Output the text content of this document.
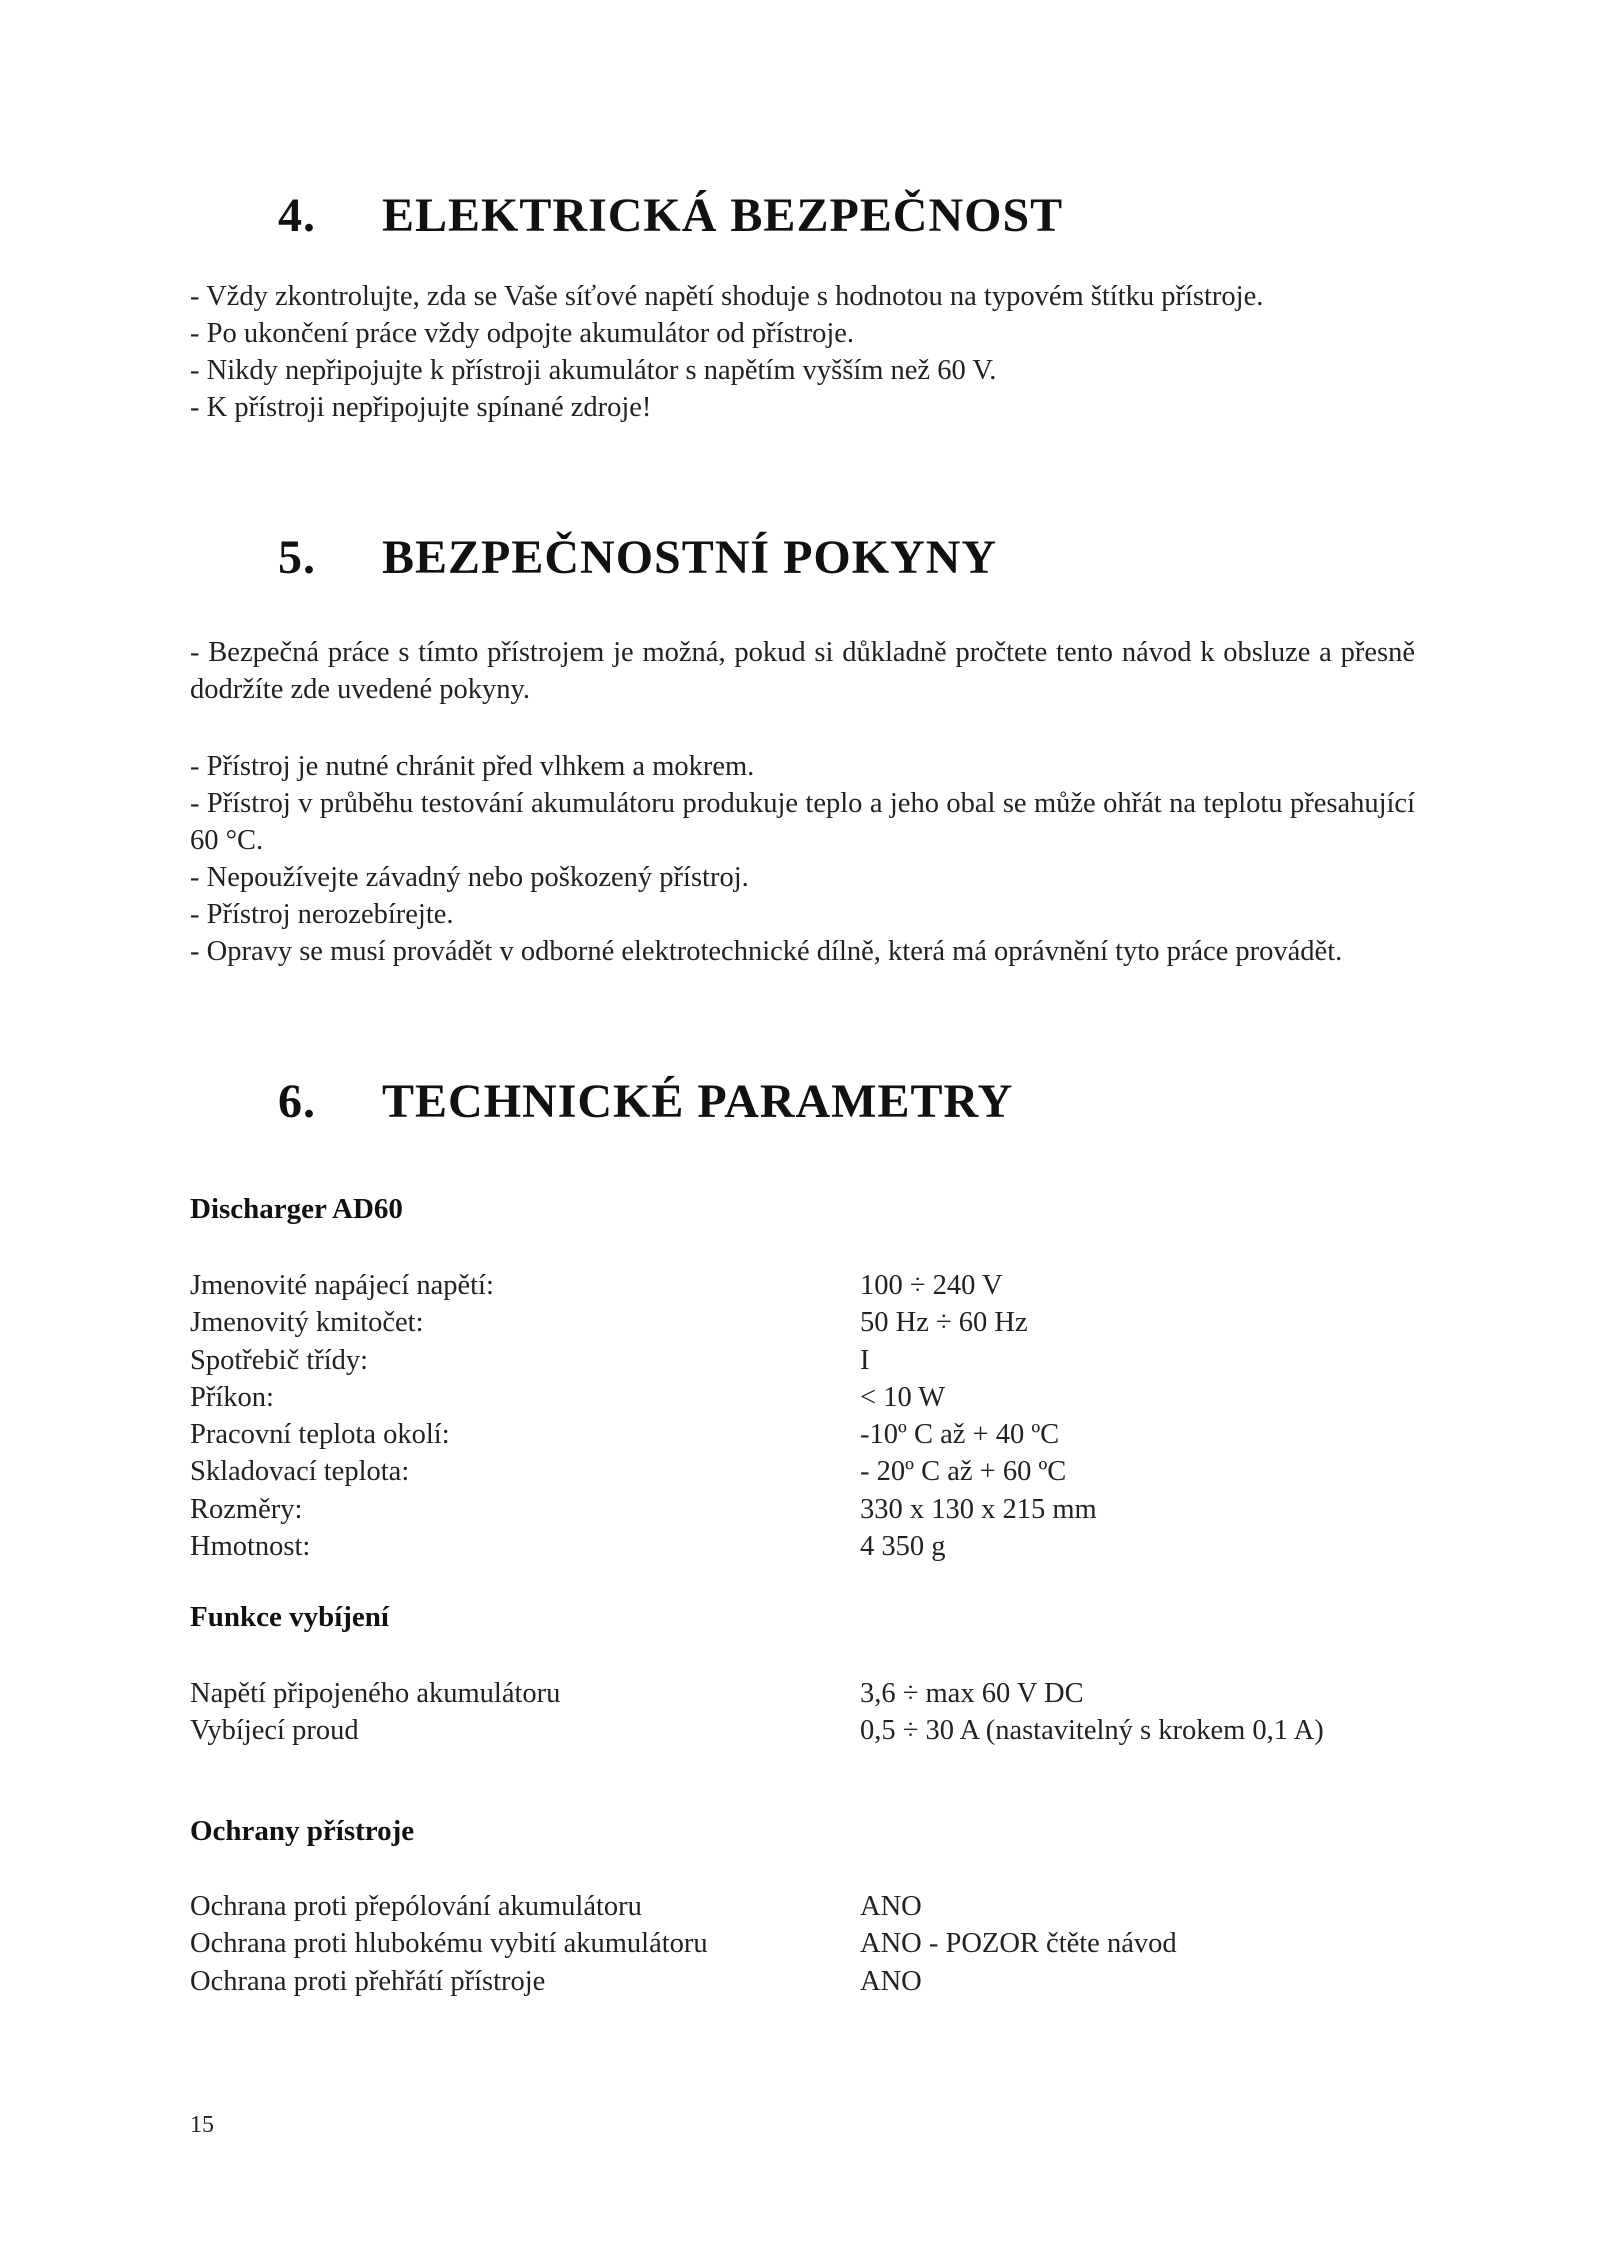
4. ELEKTRICKÁ BEZPEČNOST

- Vždy zkontrolujte, zda se Vaše síťové napětí shoduje s hodnotou na typovém štítku přístroje.

- Po ukončení práce vždy odpojte akumulátor od přístroje.

- Nikdy nepřipojujte k přístroji akumulátor s napětím vyšším než 60 V.

- K přístroji nepřipojujte spínané zdroje!

5. BEZPEČNOSTNÍ POKYNY

- Bezpečná práce s tímto přístrojem je možná, pokud si důkladně pročtete tento návod k obsluze a přesně dodržíte zde uvedené pokyny.

- Přístroj je nutné chránit před vlhkem a mokrem.

- Přístroj v průběhu testování akumulátoru produkuje teplo a jeho obal se může ohřát na teplotu přesahující 60 °C.

- Nepoužívejte závadný nebo poškozený přístroj.

- Přístroj nerozebírejte.

- Opravy se musí provádět v odborné elektrotechnické dílně, která má oprávnění tyto práce provádět.

6. TECHNICKÉ PARAMETRY
Discharger AD60
Jmenovité napájecí napětí:	100 ÷ 240 V
Jmenovitý kmitočet:	50 Hz ÷ 60 Hz
Spotřebič třídy:	I
Příkon:	< 10 W
Pracovní teplota okolí:	-10º C až + 40 ºC
Skladovací teplota:	- 20º C až + 60 ºC
Rozměry:	330 x 130 x 215 mm
Hmotnost:	4 350 g
Funkce vybíjení
Napětí připojeného akumulátoru	3,6 ÷ max 60 V DC
Vybíjecí proud	0,5 ÷ 30 A (nastavitelný s krokem 0,1 A)
Ochrany přístroje
Ochrana proti přepólování akumulátoru	ANO
Ochrana proti hlubokému vybití akumulátoru	ANO - POZOR čtěte návod
Ochrana proti přehřátí přístroje	ANO
15
